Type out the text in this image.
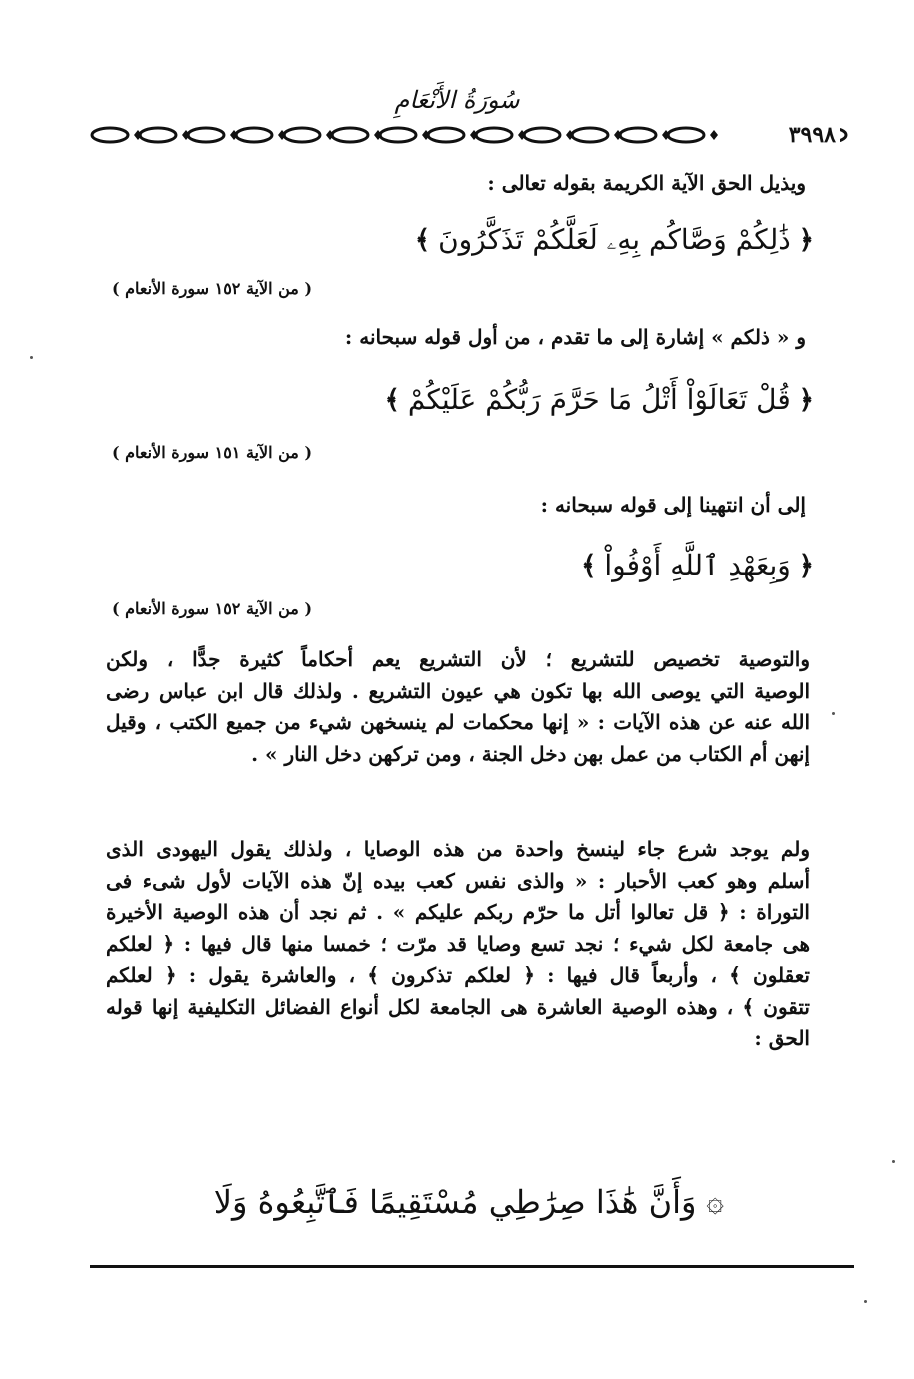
سُورَةُ الأَنْعَامِ
٣٩٩٨
ويذيل الحق الآية الكريمة بقوله تعالى :
﴿
ذَٰلِكُمْ وَصَّاكُم بِهِۦ لَعَلَّكُمْ تَذَكَّرُونَ
﴾
( من الآية ١٥٢ سورة الأنعام )
و « ذلكم » إشارة إلى ما تقدم ، من أول قوله سبحانه :
﴿
قُلْ تَعَالَوْاْ أَتْلُ مَا حَرَّمَ رَبُّكُمْ عَلَيْكُمْ
﴾
( من الآية ١٥١ سورة الأنعام )
إلى أن انتهينا إلى قوله سبحانه :
﴿
وَبِعَهْدِ ٱللَّهِ أَوْفُواْ
﴾
( من الآية ١٥٢ سورة الأنعام )
والتوصية تخصيص للتشريع ؛ لأن التشريع يعم أحكاماً كثيرة جدًّا ، ولكن
الوصية التي يوصى الله بها تكون هي عيون التشريع . ولذلك قال ابن عباس رضى
الله عنه عن هذه الآيات : « إنها محكمات لم ينسخهن شيء من جميع الكتب ، وقيل
إنهن أم الكتاب من عمل بهن دخل الجنة ، ومن تركهن دخل النار » .
ولم يوجد شرع جاء لينسخ واحدة من هذه الوصايا ، ولذلك يقول اليهودى الذى
أسلم وهو كعب الأحبار : « والذى نفس كعب بيده إنّ هذه الآيات لأول شىء فى
التوراة : ﴿ قل تعالوا أتل ما حرّم ربكم عليكم » . ثم نجد أن هذه الوصية الأخيرة
هى جامعة لكل شيء ؛ نجد تسع وصايا قد مرّت ؛ خمسا منها قال فيها : ﴿ لعلكم
تعقلون ﴾ ، وأربعاً قال فيها : ﴿ لعلكم تذكرون ﴾ ، والعاشرة يقول : ﴿ لعلكم
تتقون ﴾ ، وهذه الوصية العاشرة هى الجامعة لكل أنواع الفضائل التكليفية إنها قوله
الحق :
۞
وَأَنَّ هَٰذَا صِرَٰطِي مُسْتَقِيمًا فَٱتَّبِعُوهُ وَلَا
